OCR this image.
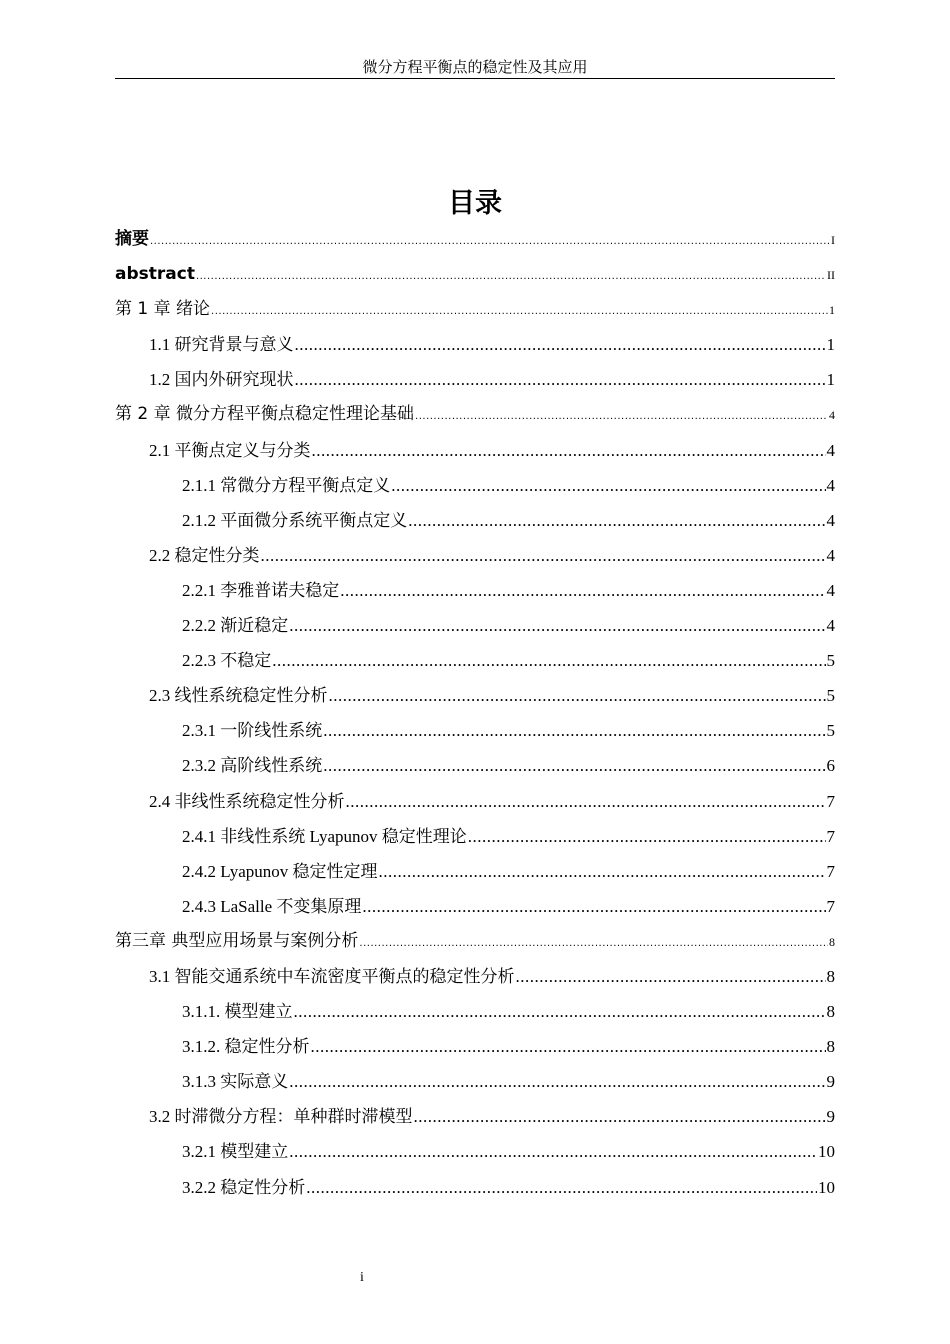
微分方程平衡点的稳定性及其应用
目录
摘要 .....	I
abstract .....	II
第 1 章 绪论 .....	1
1.1 研究背景与意义 .....	1
1.2 国内外研究现状 .....	1
第 2 章 微分方程平衡点稳定性理论基础 .....	4
2.1 平衡点定义与分类 .....	4
2.1.1 常微分方程平衡点定义 .....	4
2.1.2 平面微分系统平衡点定义 .....	4
2.2 稳定性分类 .....	4
2.2.1 李雅普诺夫稳定 .....	4
2.2.2 渐近稳定 .....	4
2.2.3 不稳定 .....	5
2.3 线性系统稳定性分析 .....	5
2.3.1 一阶线性系统 .....	5
2.3.2 高阶线性系统 .....	6
2.4 非线性系统稳定性分析 .....	7
2.4.1 非线性系统 Lyapunov 稳定性理论 .....	7
2.4.2 Lyapunov 稳定性定理 .....	7
2.4.3 LaSalle 不变集原理 .....	7
第三章 典型应用场景与案例分析 .....	8
3.1 智能交通系统中车流密度平衡点的稳定性分析 .....	8
3.1.1. 模型建立 .....	8
3.1.2. 稳定性分析 .....	8
3.1.3 实际意义 .....	9
3.2 时滞微分方程：单种群时滞模型 .....	9
3.2.1 模型建立 .....	10
3.2.2 稳定性分析 .....	10
i
